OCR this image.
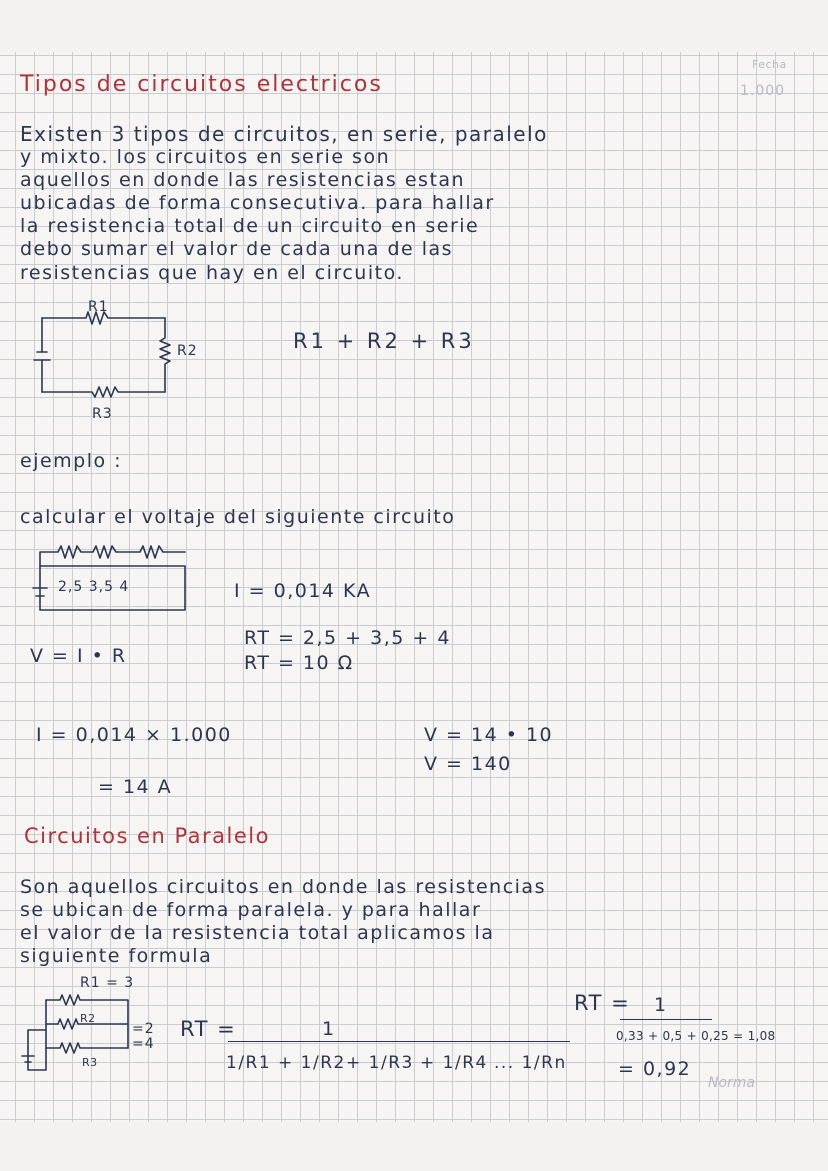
Fecha
1.000
Tipos de circuitos electricos
Existen 3 tipos de circuitos, en serie, paralelo
y mixto. los circuitos en serie son
aquellos en donde las resistencias estan
ubicadas de forma consecutiva. para hallar
la resistencia total de un circuito en serie
debo sumar el valor de cada una de las
resistencias que hay en el circuito.
R1
R2
R3
R1 + R2 + R3
ejemplo :
calcular el voltaje del siguiente circuito
2,5 3,5 4	I = 0,014 KA
RT = 2,5 + 3,5 + 4
RT = 10 Ω
V = I • R
I = 0,014 × 1.000
= 14 A
V = 14 • 10
V = 140
Circuitos en Paralelo
Son aquellos circuitos en donde las resistencias
se ubican de forma paralela. y para hallar
el valor de la resistencia total aplicamos la
siguiente formula
R1 = 3
R2
R3
=2
=4
RT =	1
1/R1 + 1/R2 + 1/R3 + 1/R4 ... 1/Rn
RT = 1
0,33 + 0,5 + 0,25 = 1,08
= 0,92
Norma
